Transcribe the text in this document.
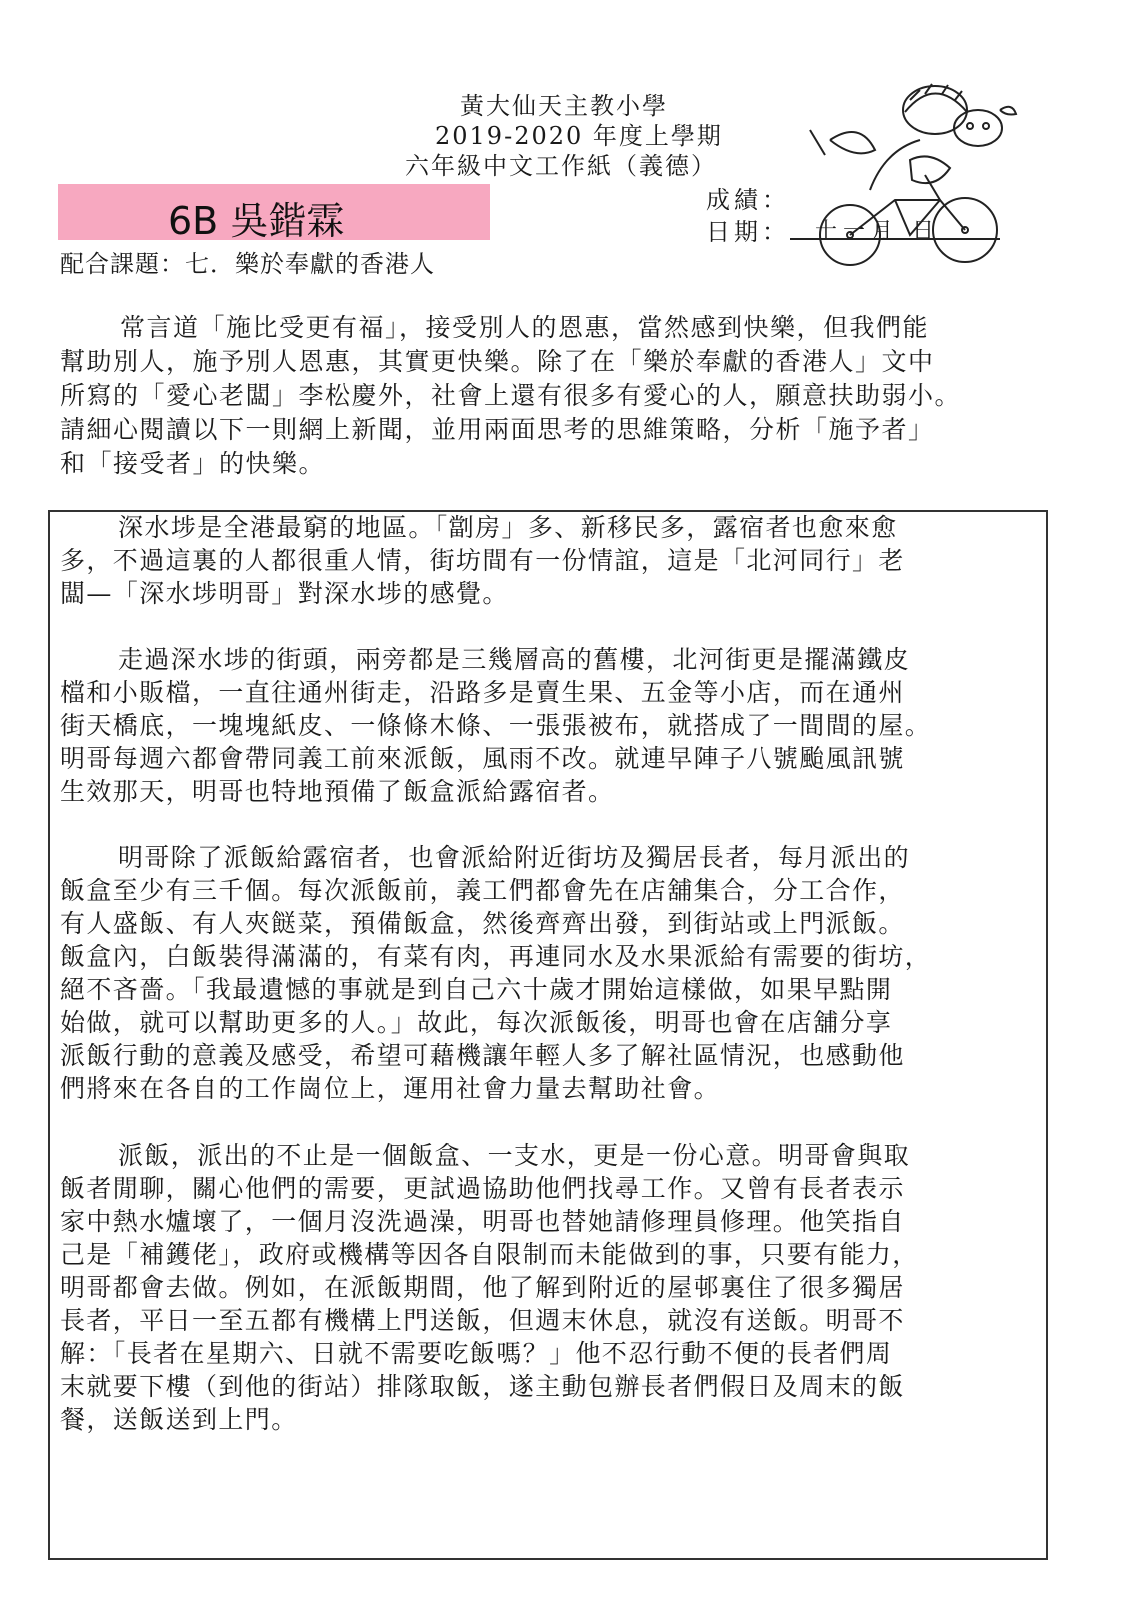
黃大仙天主教小學
2019-2020 年度上學期
六年級中文工作紙（義德）
6B 吳鍇霖	成績：
日期： 十一月 日
配合課題：七．樂於奉獻的香港人
常言道「施比受更有福」，接受別人的恩惠，當然感到快樂，但我們能
幫助別人，施予別人恩惠，其實更快樂。除了在「樂於奉獻的香港人」文中
所寫的「愛心老闆」李松慶外，社會上還有很多有愛心的人，願意扶助弱小。
請細心閱讀以下一則網上新聞，並用兩面思考的思維策略，分析「施予者」
和「接受者」的快樂。
深水埗是全港最窮的地區。「劏房」多、新移民多，露宿者也愈來愈
多，不過這裏的人都很重人情，街坊間有一份情誼，這是「北河同行」老
闆—「深水埗明哥」對深水埗的感覺。
走過深水埗的街頭，兩旁都是三幾層高的舊樓，北河街更是擺滿鐵皮
檔和小販檔，一直往通州街走，沿路多是賣生果、五金等小店，而在通州
街天橋底，一塊塊紙皮、一條條木條、一張張被布，就搭成了一間間的屋。
明哥每週六都會帶同義工前來派飯，風雨不改。就連早陣子八號颱風訊號
生效那天，明哥也特地預備了飯盒派給露宿者。
明哥除了派飯給露宿者，也會派給附近街坊及獨居長者，每月派出的
飯盒至少有三千個。每次派飯前，義工們都會先在店舖集合，分工合作，
有人盛飯、有人夾餸菜，預備飯盒，然後齊齊出發，到街站或上門派飯。
飯盒內，白飯裝得滿滿的，有菜有肉，再連同水及水果派給有需要的街坊，
絕不吝嗇。「我最遺憾的事就是到自己六十歲才開始這樣做，如果早點開
始做，就可以幫助更多的人。」故此，每次派飯後，明哥也會在店舖分享
派飯行動的意義及感受，希望可藉機讓年輕人多了解社區情況，也感動他
們將來在各自的工作崗位上，運用社會力量去幫助社會。
派飯，派出的不止是一個飯盒、一支水，更是一份心意。明哥會與取
飯者閒聊，關心他們的需要，更試過協助他們找尋工作。又曾有長者表示
家中熱水爐壞了，一個月沒洗過澡，明哥也替她請修理員修理。他笑指自
己是「補鑊佬」，政府或機構等因各自限制而未能做到的事，只要有能力，
明哥都會去做。例如，在派飯期間，他了解到附近的屋邨裏住了很多獨居
長者，平日一至五都有機構上門送飯，但週末休息，就沒有送飯。明哥不
解：「長者在星期六、日就不需要吃飯嗎？」他不忍行動不便的長者們周
末就要下樓（到他的街站）排隊取飯，遂主動包辦長者們假日及周末的飯
餐，送飯送到上門。
